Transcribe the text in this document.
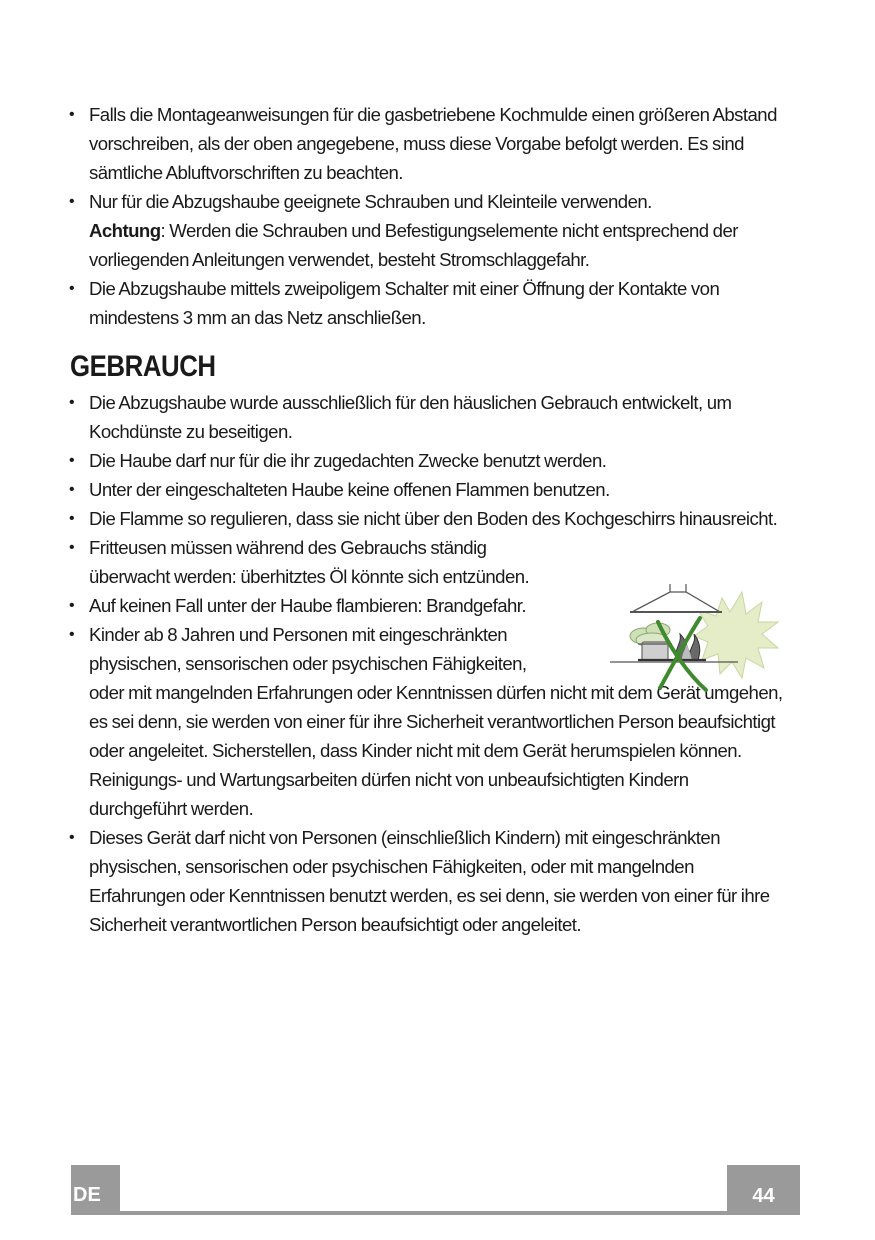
• Falls die Montageanweisungen für die gasbetriebene Kochmulde einen größeren Abstand vorschreiben, als der oben angegebene, muss diese Vorgabe befolgt werden. Es sind sämtliche Abluftvorschriften zu beachten.
• Nur für die Abzugshaube geeignete Schrauben und Kleinteile verwenden.
Achtung: Werden die Schrauben und Befestigungselemente nicht entsprechend der vorliegenden Anleitungen verwendet, besteht Stromschlaggefahr.
• Die Abzugshaube mittels zweipoligem Schalter mit einer Öffnung der Kontakte von mindestens 3 mm an das Netz anschließen.
GEBRAUCH
• Die Abzugshaube wurde ausschließlich für den häuslichen Gebrauch entwickelt, um Kochdünste zu beseitigen.
• Die Haube darf nur für die ihr zugedachten Zwecke benutzt werden.
• Unter der eingeschalteten Haube keine offenen Flammen benutzen.
• Die Flamme so regulieren, dass sie nicht über den Boden des Kochgeschirrs hinausreicht.
• Fritteusen müssen während des Gebrauchs ständig
überwacht werden: überhitztes Öl könnte sich entzünden.
• Auf keinen Fall unter der Haube flambieren: Brandgefahr.
• Kinder ab 8 Jahren und Personen mit eingeschränkten
physischen, sensorischen oder psychischen Fähigkeiten,
oder mit mangelnden Erfahrungen oder Kenntnissen dürfen nicht mit dem Gerät umgehen, es sei denn, sie werden von einer für ihre Sicherheit verantwortlichen Person beaufsichtigt oder angeleitet. Sicherstellen, dass Kinder nicht mit dem Gerät herumspielen können. Reinigungs- und Wartungsarbeiten dürfen nicht von unbeaufsichtigten Kindern durchgeführt werden.
• Dieses Gerät darf nicht von Personen (einschließlich Kindern) mit eingeschränkten physischen, sensorischen oder psychischen Fähigkeiten, oder mit mangelnden Erfahrungen oder Kenntnissen benutzt werden, es sei denn, sie werden von einer für ihre Sicherheit verantwortlichen Person beaufsichtigt oder angeleitet.
DE	44
